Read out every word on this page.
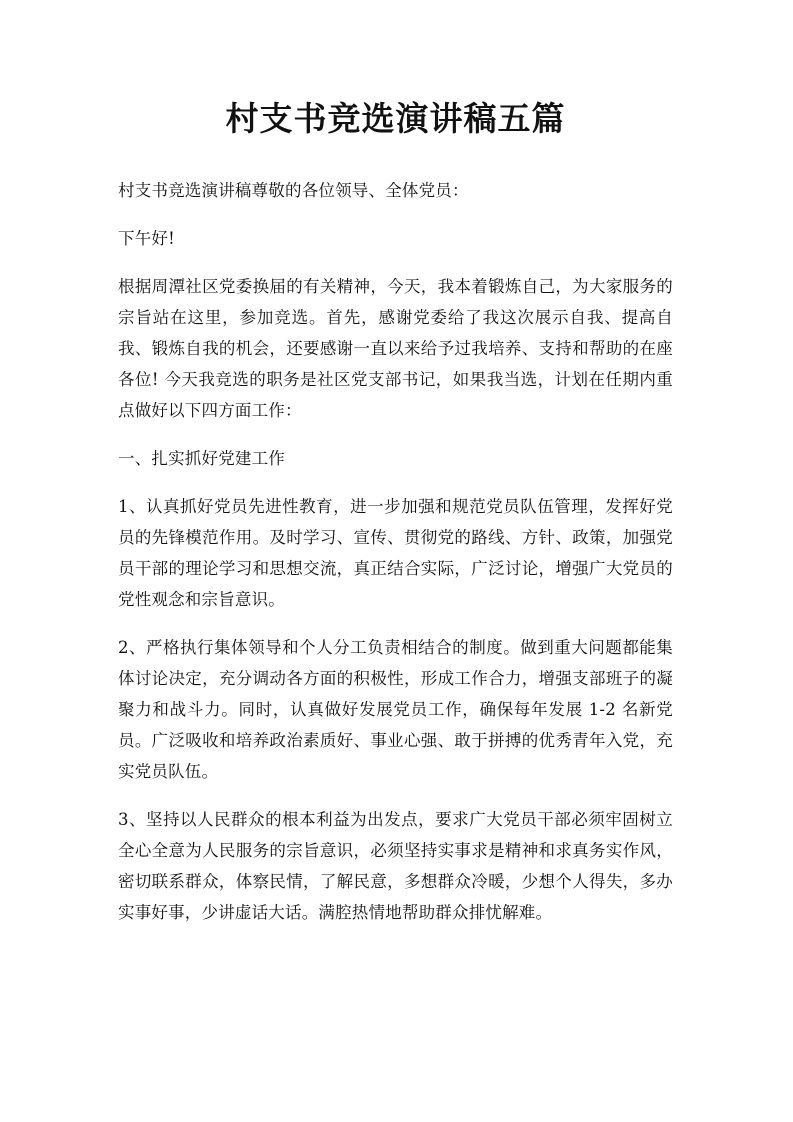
村支书竞选演讲稿五篇

村支书竞选演讲稿尊敬的各位领导、全体党员：

下午好!

根据周潭社区党委换届的有关精神，今天，我本着锻炼自己，为大家服务的宗旨站在这里，参加竞选。首先，感谢党委给了我这次展示自我、提高自我、锻炼自我的机会，还要感谢一直以来给予过我培养、支持和帮助的在座各位! 今天我竞选的职务是社区党支部书记，如果我当选，计划在任期内重点做好以下四方面工作：

一、扎实抓好党建工作

1、认真抓好党员先进性教育，进一步加强和规范党员队伍管理，发挥好党员的先锋模范作用。及时学习、宣传、贯彻党的路线、方针、政策，加强党员干部的理论学习和思想交流，真正结合实际，广泛讨论，增强广大党员的党性观念和宗旨意识。

2、严格执行集体领导和个人分工负责相结合的制度。做到重大问题都能集体讨论决定，充分调动各方面的积极性，形成工作合力，增强支部班子的凝聚力和战斗力。同时，认真做好发展党员工作，确保每年发展 1-2 名新党员。广泛吸收和培养政治素质好、事业心强、敢于拼搏的优秀青年入党，充实党员队伍。

3、坚持以人民群众的根本利益为出发点，要求广大党员干部必须牢固树立全心全意为人民服务的宗旨意识，必须坚持实事求是精神和求真务实作风，密切联系群众，体察民情，了解民意，多想群众冷暖，少想个人得失，多办实事好事，少讲虚话大话。满腔热情地帮助群众排忧解难。
